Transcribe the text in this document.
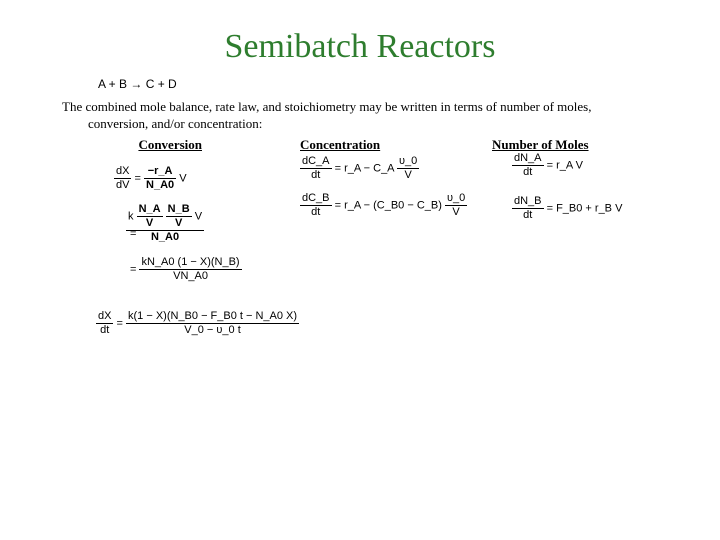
Semibatch Reactors
A + B → C + D
The combined mole balance, rate law, and stoichiometry may be written in terms of number of moles,
conversion, and/or concentration:
Conversion	Concentration	Number of Moles
$\frac{dX}{dV} = \frac{-r\_A}{N\_A0}$ V
k $\frac{N\_A}{V}$
$\frac{N\_B}{V}$ V
N_A0
=
= $\frac{kN\_A0 (1 - X)(N\_B)}{VN\_A0}$
$\frac{dX}{dt} = \frac{k(1 - X)(N\_B0 - F\_B0 t - N\_A0 X)}{V\_0 - \upsilon\_0 t}$
$\frac{dC\_A}{dt}$ = r_A − C_A $\frac{\upsilon\_0}{V}$
$\frac{dC\_B}{dt}$ = r_A − (C_B0 − C_B) $\frac{\upsilon\_0}{V}$
$\frac{dN\_A}{dt}$ = r_A V
$\frac{dN\_B}{dt}$ = F_B0 + r_B V
